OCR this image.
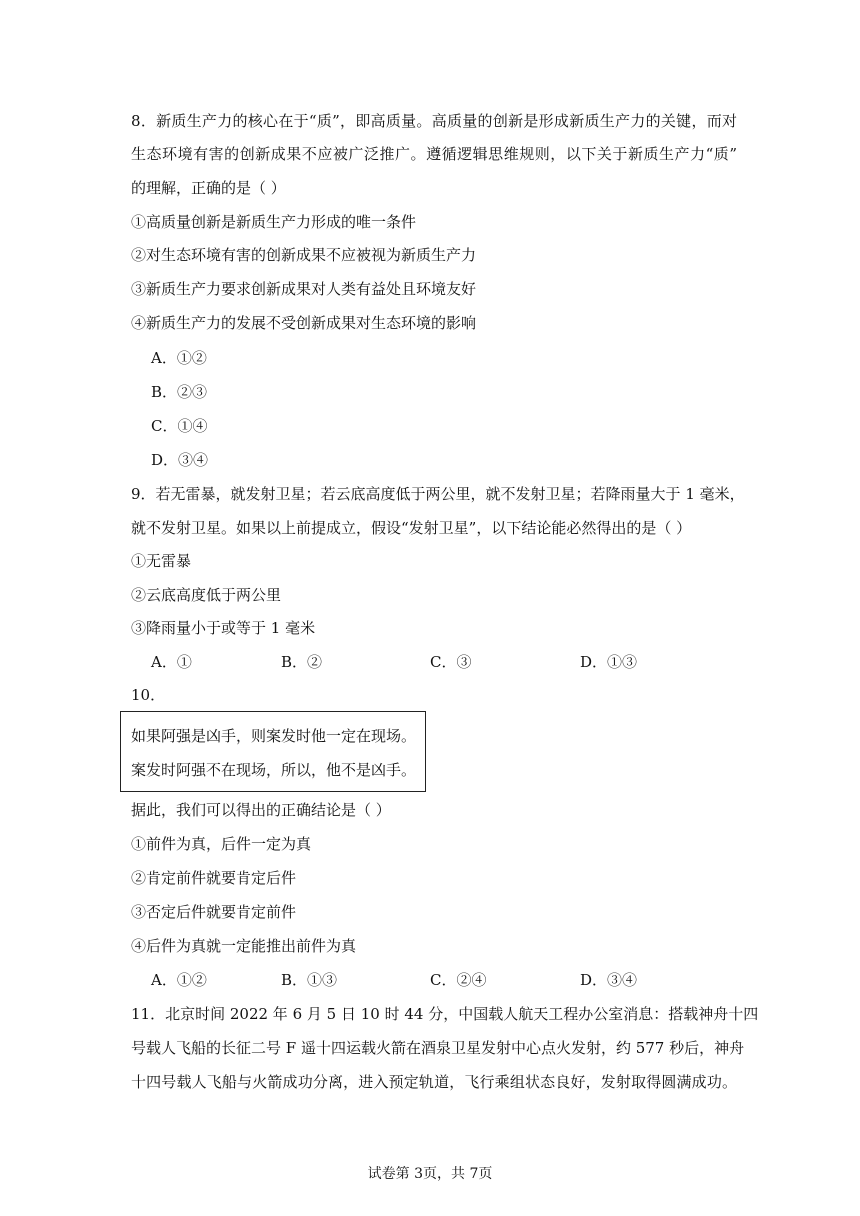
8．新质生产力的核心在于“质”，即高质量。高质量的创新是形成新质生产力的关键，而对
生态环境有害的创新成果不应被广泛推广。遵循逻辑思维规则，以下关于新质生产力“质”
的理解，正确的是（ ）
①高质量创新是新质生产力形成的唯一条件
②对生态环境有害的创新成果不应被视为新质生产力
③新质生产力要求创新成果对人类有益处且环境友好
④新质生产力的发展不受创新成果对生态环境的影响
A．①②
B．②③
C．①④
D．③④
9．若无雷暴，就发射卫星；若云底高度低于两公里，就不发射卫星；若降雨量大于 1 毫米，
就不发射卫星。如果以上前提成立，假设“发射卫星”，以下结论能必然得出的是（ ）
①无雷暴
②云底高度低于两公里
③降雨量小于或等于 1 毫米
A．①	B．②	C．③	D．①③
10．
如果阿强是凶手，则案发时他一定在现场。
案发时阿强不在现场，所以，他不是凶手。
据此，我们可以得出的正确结论是（ ）
①前件为真，后件一定为真
②肯定前件就要肯定后件
③否定后件就要肯定前件
④后件为真就一定能推出前件为真
A．①②	B．①③	C．②④	D．③④
11．北京时间 2022 年 6 月 5 日 10 时 44 分，中国载人航天工程办公室消息：搭载神舟十四
号载人飞船的长征二号 F 遥十四运载火箭在酒泉卫星发射中心点火发射，约 577 秒后，神舟
十四号载人飞船与火箭成功分离，进入预定轨道，飞行乘组状态良好，发射取得圆满成功。
试卷第 3页，共 7页
